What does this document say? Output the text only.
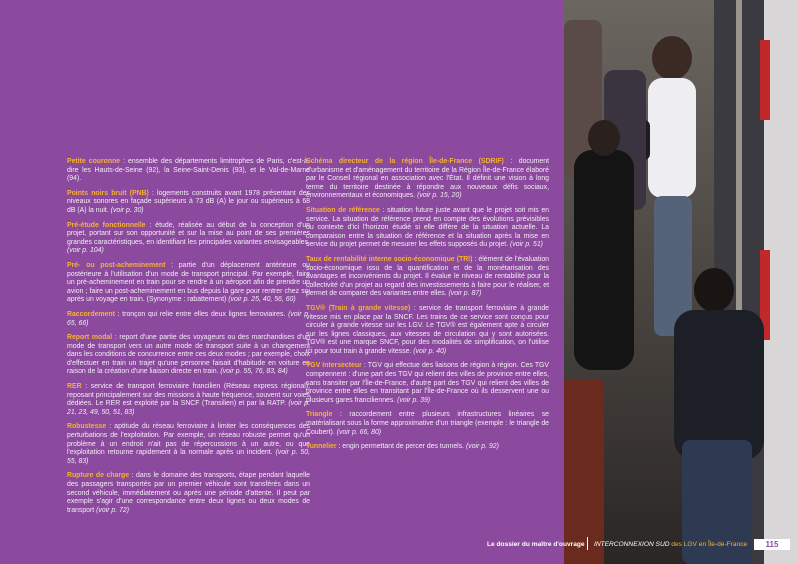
Petite couronne : ensemble des départements limitrophes de Paris, c'est-à-dire les Hauts-de-Seine (92), la Seine-Saint-Denis (93), et le Val-de-Marne (94).

Points noirs bruit (PNB) : logements construits avant 1978 présentant des niveaux sonores en façade supérieurs à 73 dB (A) le jour ou supérieurs à 68 dB (A) la nuit. (voir p. 30)

Pré-étude fonctionnelle : étude, réalisée au début de la conception d'un projet, portant sur son opportunité et sur la mise au point de ses premières grandes caractéristiques, en identifiant les principales variantes envisageables. (voir p. 104)

Pré- ou post-acheminement : partie d'un déplacement antérieure ou postérieure à l'utilisation d'un mode de transport principal. Par exemple, faire un pré-acheminement en train pour se rendre à un aéroport afin de prendre un avion ; faire un post-acheminement en bus depuis la gare pour rentrer chez soi après un voyage en train. (Synonyme : rabattement) (voir p. 25, 40, 56, 60)

Raccordement : tronçon qui relie entre elles deux lignes ferroviaires. (voir p. 65, 66)

Report modal : report d'une partie des voyageurs ou des marchandises d'un mode de transport vers un autre mode de transport suite à un changement dans les conditions de concurrence entre ces deux modes ; par exemple, choix d'effectuer en train un trajet qu'une personne faisait d'habitude en voiture en raison de la création d'une liaison directe en train. (voir p. 55, 76, 83, 84)

RER : service de transport ferroviaire francilien (Réseau express régional), reposant principalement sur des missions à haute fréquence, souvent sur voies dédiées. Le RER est exploité par la SNCF (Transilien) et par la RATP. (voir p. 21, 23, 49, 50, 51, 83)

Robustesse : aptitude du réseau ferroviaire à limiter les conséquences des perturbations de l'exploitation. Par exemple, un réseau robuste permet qu'un problème à un endroit n'ait pas de répercussions à un autre, ou que l'exploitation retourne rapidement à la normale après un incident. (voir p. 50, 55, 83)

Rupture de charge : dans le domaine des transports, étape pendant laquelle des passagers transportés par un premier véhicule sont transférés dans un second véhicule, immédiatement ou après une période d'attente. Il peut par exemple s'agir d'une correspondance entre deux lignes ou deux modes de transport (voir p. 72)

Schéma directeur de la région Île-de-France (SDRIF) : document d'urbanisme et d'aménagement du territoire de la Région Île-de-France élaboré par le Conseil régional en association avec l'État. Il définit une vision à long terme du territoire destinée à répondre aux nouveaux défis sociaux, environnementaux et économiques. (voir p. 15, 20)

Situation de référence : situation future juste avant que le projet soit mis en service. La situation de référence prend en compte des évolutions prévisibles du contexte d'ici l'horizon étudié si elle diffère de la situation actuelle. La comparaison entre la situation de référence et la situation après la mise en service du projet permet de mesurer les effets supposés du projet. (voir p. 51)

Taux de rentabilité interne socio-économique (TRI) : élément de l'évaluation socio-économique issu de la quantification et de la monétarisation des avantages et inconvénients du projet. Il évalue le niveau de rentabilité pour la collectivité d'un projet au regard des investissements à faire pour le réaliser, et permet de comparer des variantes entre elles. (voir p. 87)

TGV® (Train à grande vitesse) : service de transport ferroviaire à grande vitesse mis en place par la SNCF. Les trains de ce service sont conçus pour circuler à grande vitesse sur les LGV. Le TGV® est également apte à circuler sur les lignes classiques, aux vitesses de circulation qui y sont autorisées. TGV® est une marque SNCF, pour des modalités de simplification, on l'utilise ici pour tout train à grande vitesse. (voir p. 40)

TGV Intersecteur : TGV qui effectue des liaisons de région à région. Ces TGV comprennent : d'une part des TGV qui relient des villes de province entre elles, sans transiter par l'Île-de-France, d'autre part des TGV qui relient des villes de province entre elles en transitant par l'Île-de-France où ils desservent une ou plusieurs gares franciliennes. (voir p. 39)

Triangle : raccordement entre plusieurs infrastructures linéaires se matérialisant sous la forme approximative d'un triangle (exemple : le triangle de Coubert). (voir p. 66, 80)

Tunnelier : engin permettant de percer des tunnels. (voir p. 92)

Le dossier du maître d'ouvrage INTERCONNEXION SUD des LGV en Île-de-France	115
